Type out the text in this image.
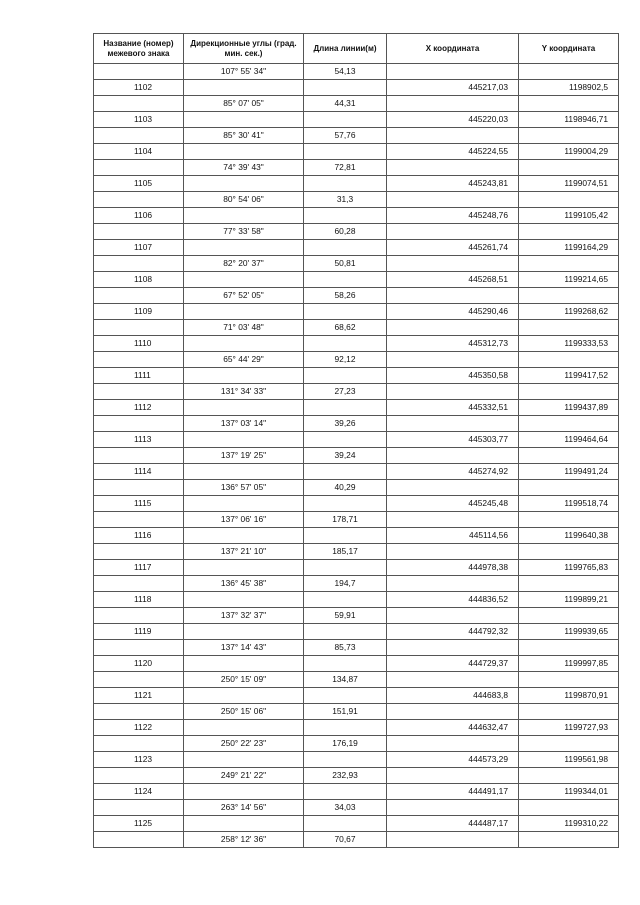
Название (номер) межевого знака	Дирекционные углы (град. мин. сек.)	Длина линии(м)	X координата	Y координата
	107° 55' 34"	54,13		
1102			445217,03	1198902,5
	85° 07' 05"	44,31		
1103			445220,03	1198946,71
	85° 30' 41"	57,76		
1104			445224,55	1199004,29
	74° 39' 43"	72,81		
1105			445243,81	1199074,51
	80° 54' 06"	31,3		
1106			445248,76	1199105,42
	77° 33' 58"	60,28		
1107			445261,74	1199164,29
	82° 20' 37"	50,81		
1108			445268,51	1199214,65
	67° 52' 05"	58,26		
1109			445290,46	1199268,62
	71° 03' 48"	68,62		
1110			445312,73	1199333,53
	65° 44' 29"	92,12		
1111			445350,58	1199417,52
	131° 34' 33"	27,23		
1112			445332,51	1199437,89
	137° 03' 14"	39,26		
1113			445303,77	1199464,64
	137° 19' 25"	39,24		
1114			445274,92	1199491,24
	136° 57' 05"	40,29		
1115			445245,48	1199518,74
	137° 06' 16"	178,71		
1116			445114,56	1199640,38
	137° 21' 10"	185,17		
1117			444978,38	1199765,83
	136° 45' 38"	194,7		
1118			444836,52	1199899,21
	137° 32' 37"	59,91		
1119			444792,32	1199939,65
	137° 14' 43"	85,73		
1120			444729,37	1199997,85
	250° 15' 09"	134,87		
1121			444683,8	1199870,91
	250° 15' 06"	151,91		
1122			444632,47	1199727,93
	250° 22' 23"	176,19		
1123			444573,29	1199561,98
	249° 21' 22"	232,93		
1124			444491,17	1199344,01
	263° 14' 56"	34,03		
1125			444487,17	1199310,22
	258° 12' 36"	70,67		
